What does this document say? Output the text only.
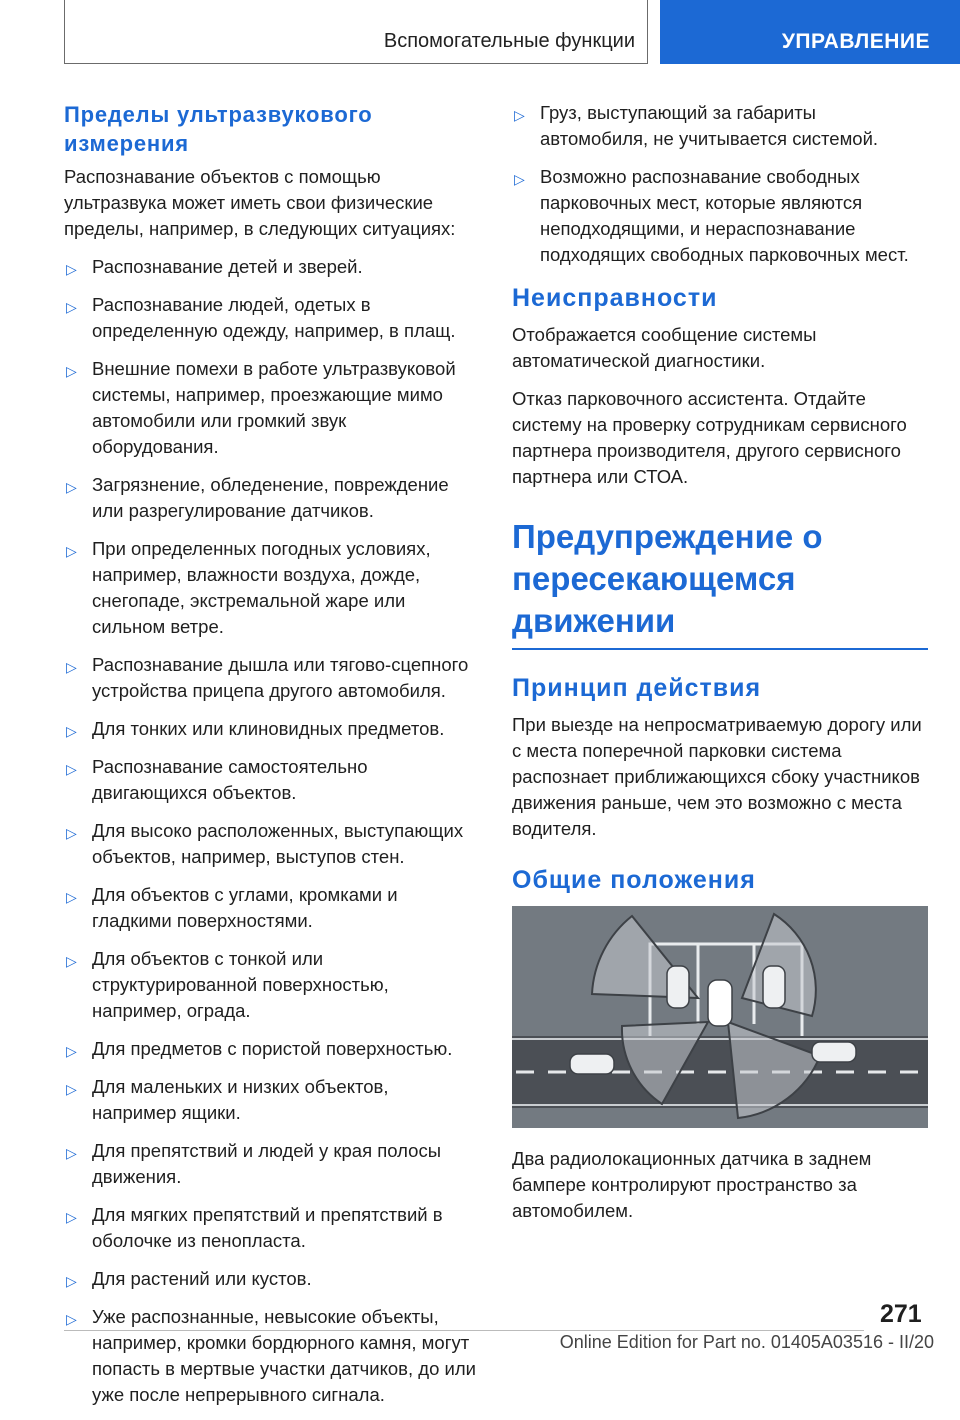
Вспомогательные функции	УПРАВЛЕНИЕ
Пределы ультразвукового измерения

Распознавание объектов с помощью ультразвука может иметь свои физические пределы, например, в следующих ситуациях:

▷ Распознавание детей и зверей.
▷ Распознавание людей, одетых в определенную одежду, например, в плащ.
▷ Внешние помехи в работе ультразвуковой системы, например, проезжающие мимо автомобили или громкий звук оборудования.
▷ Загрязнение, обледенение, повреждение или разрегулирование датчиков.
▷ При определенных погодных условиях, например, влажности воздуха, дожде, снегопаде, экстремальной жаре или сильном ветре.
▷ Распознавание дышла или тягово-сцепного устройства прицепа другого автомобиля.
▷ Для тонких или клиновидных предметов.
▷ Распознавание самостоятельно двигающихся объектов.
▷ Для высоко расположенных, выступающих объектов, например, выступов стен.
▷ Для объектов с углами, кромками и гладкими поверхностями.
▷ Для объектов с тонкой или структурированной поверхностью, например, ограда.
▷ Для предметов с пористой поверхностью.
▷ Для маленьких и низких объектов, например ящики.
▷ Для препятствий и людей у края полосы движения.
▷ Для мягких препятствий и препятствий в оболочке из пенопласта.
▷ Для растений или кустов.
▷ Уже распознанные, невысокие объекты, например, кромки бордюрного камня, могут попасть в мертвые участки датчиков, до или уже после непрерывного сигнала.
▷ Груз, выступающий за габариты автомобиля, не учитывается системой.
▷ Возможно распознавание свободных парковочных мест, которые являются неподходящими, и нераспознавание подходящих свободных парковочных мест.
Неисправности

Отображается сообщение системы автоматической диагностики.

Отказ парковочного ассистента. Отдайте систему на проверку сотрудникам сервисного партнера производителя, другого сервисного партнера или СТОА.

Предупреждение о пересекающемся движении
Принцип действия

При выезде на непросматриваемую дорогу или с места поперечной парковки система распознает приближающихся сбоку участников движения раньше, чем это возможно с места водителя.

Общие положения

Два радиолокационных датчика в заднем бампере контролируют пространство за автомобилем.

271
Online Edition for Part no. 01405A03516 - II/20
